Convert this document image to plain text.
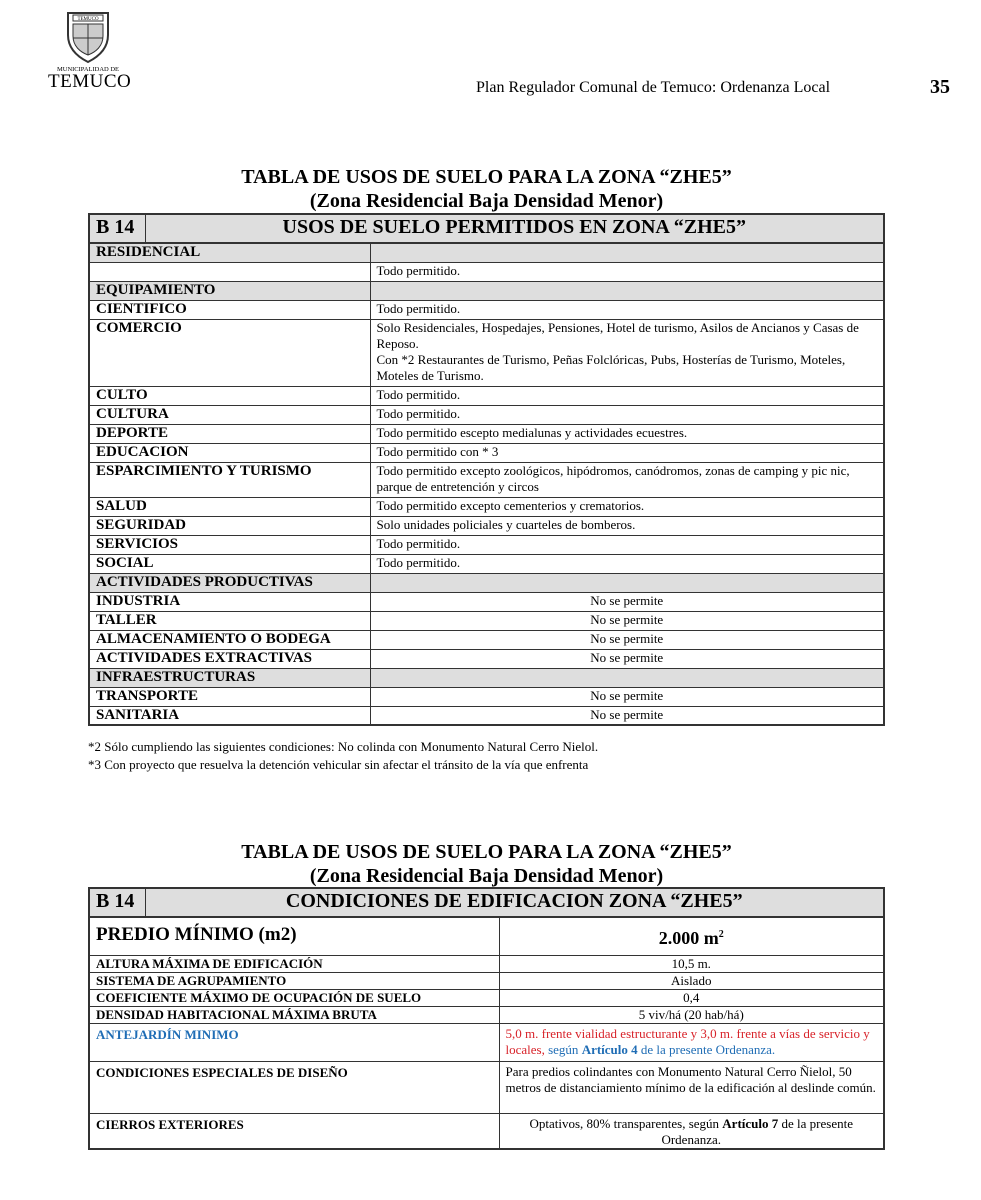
TEMUCO
MUNICIPALIDAD DE
TEMUCO	Plan Regulador Comunal de Temuco: Ordenanza Local	35
TABLA DE USOS DE SUELO PARA LA ZONA “ZHE5”
(Zona Residencial Baja Densidad Menor)
B 14	USOS DE SUELO PERMITIDOS EN ZONA “ZHE5”	
RESIDENCIAL		
		Todo permitido.
EQUIPAMIENTO		
CIENTIFICO		Todo permitido.
COMERCIO		Solo Residenciales, Hospedajes, Pensiones, Hotel de turismo, Asilos de Ancianos y Casas de Reposo.
Con *2 Restaurantes de Turismo, Peñas Folclóricas, Pubs, Hosterías de Turismo, Moteles, Moteles de Turismo.
CULTO		Todo permitido.
CULTURA		Todo permitido.
DEPORTE		Todo permitido escepto medialunas y actividades ecuestres.
EDUCACION		Todo permitido con * 3
ESPARCIMIENTO Y TURISMO		Todo permitido excepto zoológicos, hipódromos, canódromos, zonas de camping y pic nic, parque de entretención y circos
SALUD		Todo permitido excepto cementerios y crematorios.
SEGURIDAD		Solo unidades policiales y cuarteles de bomberos.
SERVICIOS		Todo permitido.
SOCIAL		Todo permitido.
ACTIVIDADES PRODUCTIVAS		
INDUSTRIA		No se permite
TALLER		No se permite
ALMACENAMIENTO O BODEGA		No se permite
ACTIVIDADES EXTRACTIVAS		No se permite
INFRAESTRUCTURAS		
TRANSPORTE		No se permite
SANITARIA		No se permite
*2 Sólo cumpliendo las siguientes condiciones: No colinda con Monumento Natural Cerro Nielol.
*3 Con proyecto que resuelva la detención vehicular sin afectar el tránsito de la vía que enfrenta
TABLA DE USOS DE SUELO PARA LA ZONA “ZHE5”
(Zona Residencial Baja Densidad Menor)
B 14	CONDICIONES DE EDIFICACION ZONA “ZHE5”	
PREDIO MÍNIMO (m2)		2.000 $m^2$
ALTURA MÁXIMA DE EDIFICACIÓN		10,5 m.
SISTEMA DE AGRUPAMIENTO		Aislado
COEFICIENTE MÁXIMO DE OCUPACIÓN DE SUELO		0,4
DENSIDAD HABITACIONAL MÁXIMA BRUTA		5 viv/há (20 hab/há)
ANTEJARDÍN MINIMO		5,0 m. frente vialidad estructurante y 3,0 m. frente a vías de servicio y locales, según Artículo 4 de la presente Ordenanza.
CONDICIONES ESPECIALES DE DISEÑO		Para predios colindantes con Monumento Natural Cerro Ñielol, 50 metros de distanciamiento mínimo de la edificación al deslinde común.
CIERROS EXTERIORES		Optativos, 80% transparentes, según Artículo 7 de la presente Ordenanza.
